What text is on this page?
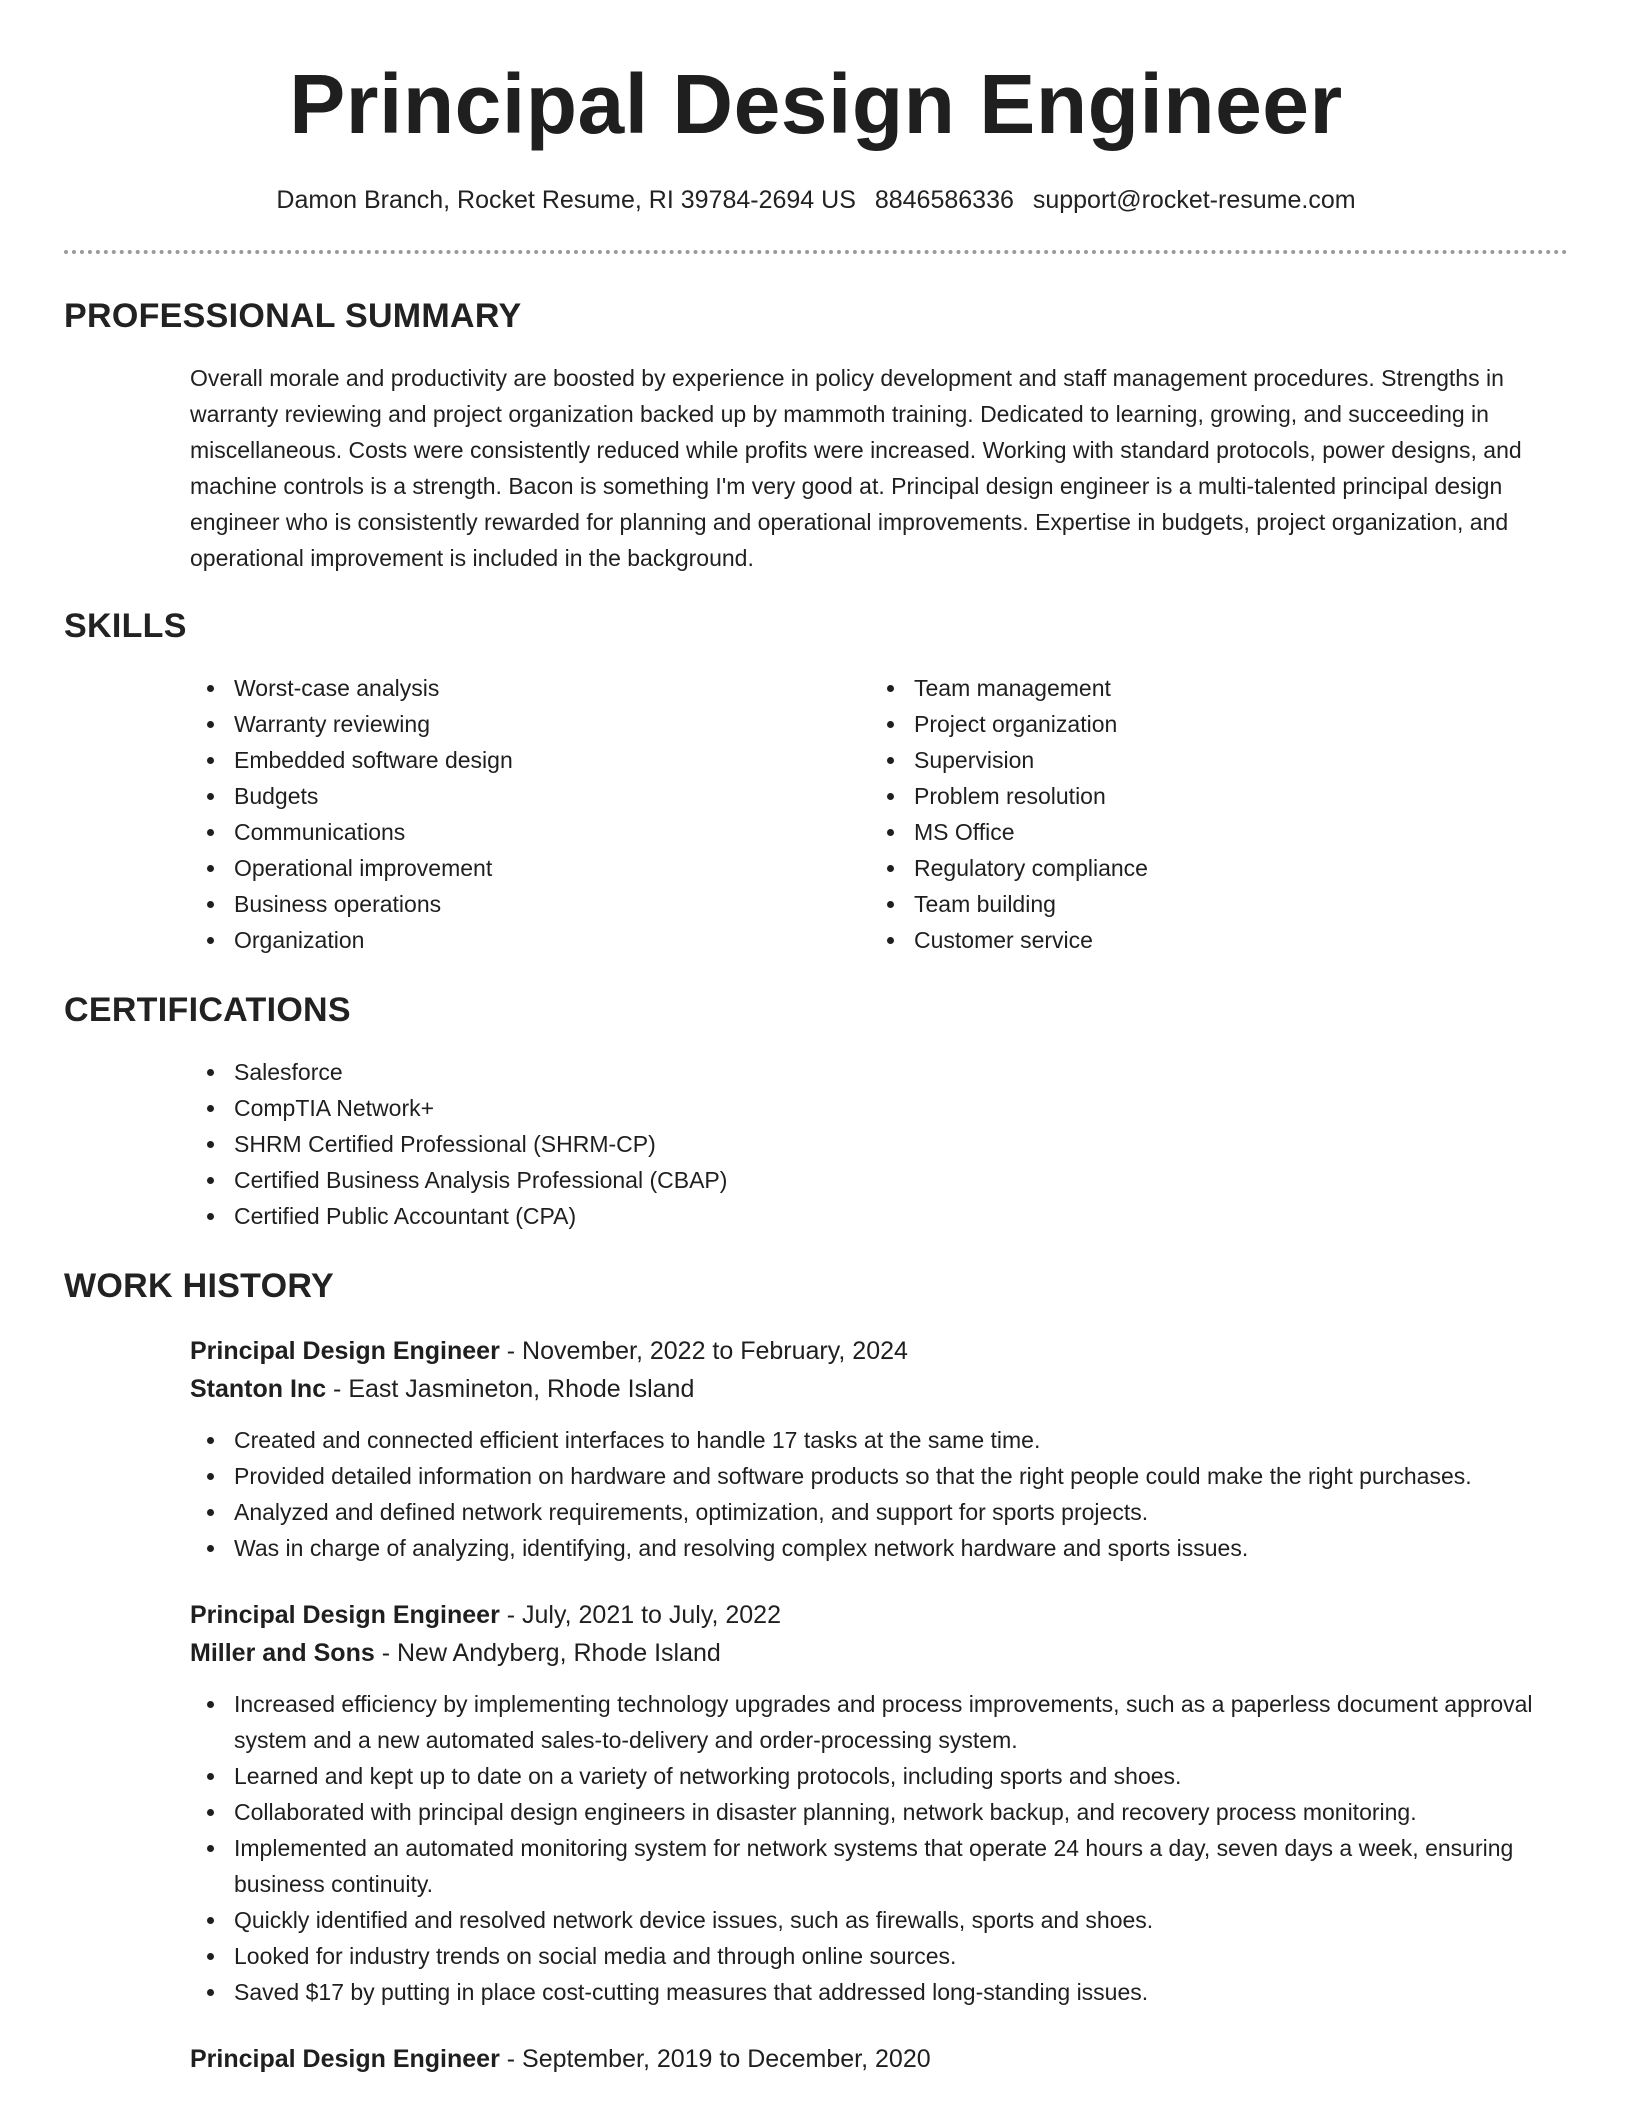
Principal Design Engineer
Damon Branch, Rocket Resume, RI 39784-2694 US 8846586336 support@rocket-resume.com
PROFESSIONAL SUMMARY

Overall morale and productivity are boosted by experience in policy development and staff management procedures. Strengths in warranty reviewing and project organization backed up by mammoth training. Dedicated to learning, growing, and succeeding in miscellaneous. Costs were consistently reduced while profits were increased. Working with standard protocols, power designs, and machine controls is a strength. Bacon is something I'm very good at. Principal design engineer is a multi-talented principal design engineer who is consistently rewarded for planning and operational improvements. Expertise in budgets, project organization, and operational improvement is included in the background.

SKILLS
Worst-case analysis
Warranty reviewing
Embedded software design
Budgets
Communications
Operational improvement
Business operations
Organization
Team management
Project organization
Supervision
Problem resolution
MS Office
Regulatory compliance
Team building
Customer service
CERTIFICATIONS
Salesforce
CompTIA Network+
SHRM Certified Professional (SHRM-CP)
Certified Business Analysis Professional (CBAP)
Certified Public Accountant (CPA)
WORK HISTORY
Principal Design Engineer - November, 2022 to February, 2024
Stanton Inc - East Jasmineton, Rhode Island
Created and connected efficient interfaces to handle 17 tasks at the same time.
Provided detailed information on hardware and software products so that the right people could make the right purchases.
Analyzed and defined network requirements, optimization, and support for sports projects.
Was in charge of analyzing, identifying, and resolving complex network hardware and sports issues.
Principal Design Engineer - July, 2021 to July, 2022
Miller and Sons - New Andyberg, Rhode Island
Increased efficiency by implementing technology upgrades and process improvements, such as a paperless document approval system and a new automated sales-to-delivery and order-processing system.
Learned and kept up to date on a variety of networking protocols, including sports and shoes.
Collaborated with principal design engineers in disaster planning, network backup, and recovery process monitoring.
Implemented an automated monitoring system for network systems that operate 24 hours a day, seven days a week, ensuring business continuity.
Quickly identified and resolved network device issues, such as firewalls, sports and shoes.
Looked for industry trends on social media and through online sources.
Saved $17 by putting in place cost-cutting measures that addressed long-standing issues.
Principal Design Engineer - September, 2019 to December, 2020
